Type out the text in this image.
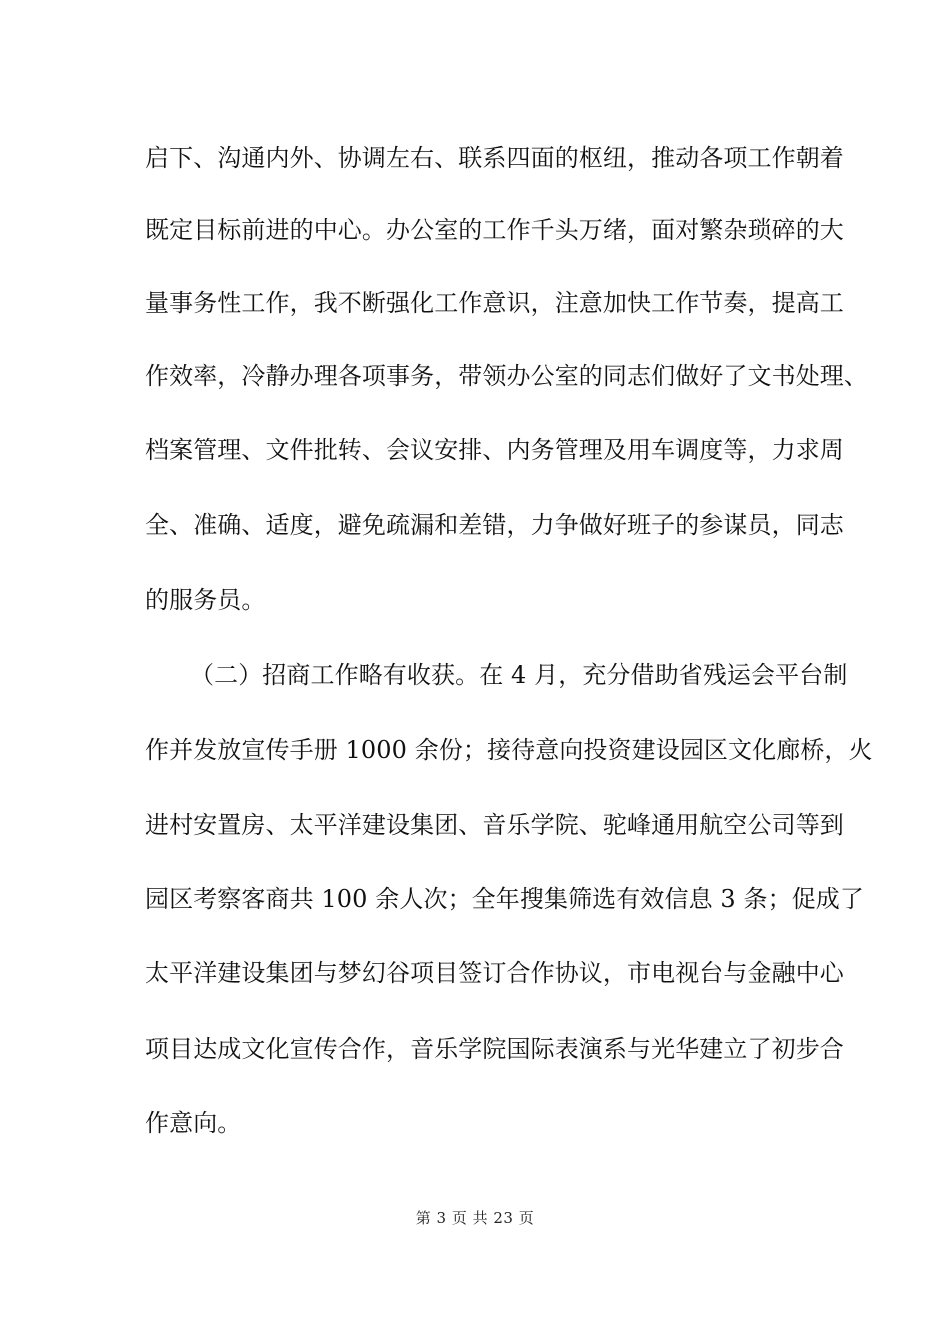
启下、沟通内外、协调左右、联系四面的枢纽，推动各项工作朝着
既定目标前进的中心。办公室的工作千头万绪，面对繁杂琐碎的大
量事务性工作，我不断强化工作意识，注意加快工作节奏，提高工
作效率，冷静办理各项事务，带领办公室的同志们做好了文书处理、
档案管理、文件批转、会议安排、内务管理及用车调度等，力求周
全、准确、适度，避免疏漏和差错，力争做好班子的参谋员，同志
的服务员。
（二）招商工作略有收获。在 4 月，充分借助省残运会平台制
作并发放宣传手册 1000 余份；接待意向投资建设园区文化廊桥，火
进村安置房、太平洋建设集团、音乐学院、驼峰通用航空公司等到
园区考察客商共 100 余人次；全年搜集筛选有效信息 3 条；促成了
太平洋建设集团与梦幻谷项目签订合作协议，市电视台与金融中心
项目达成文化宣传合作，音乐学院国际表演系与光华建立了初步合
作意向。
第 3 页 共 23 页
